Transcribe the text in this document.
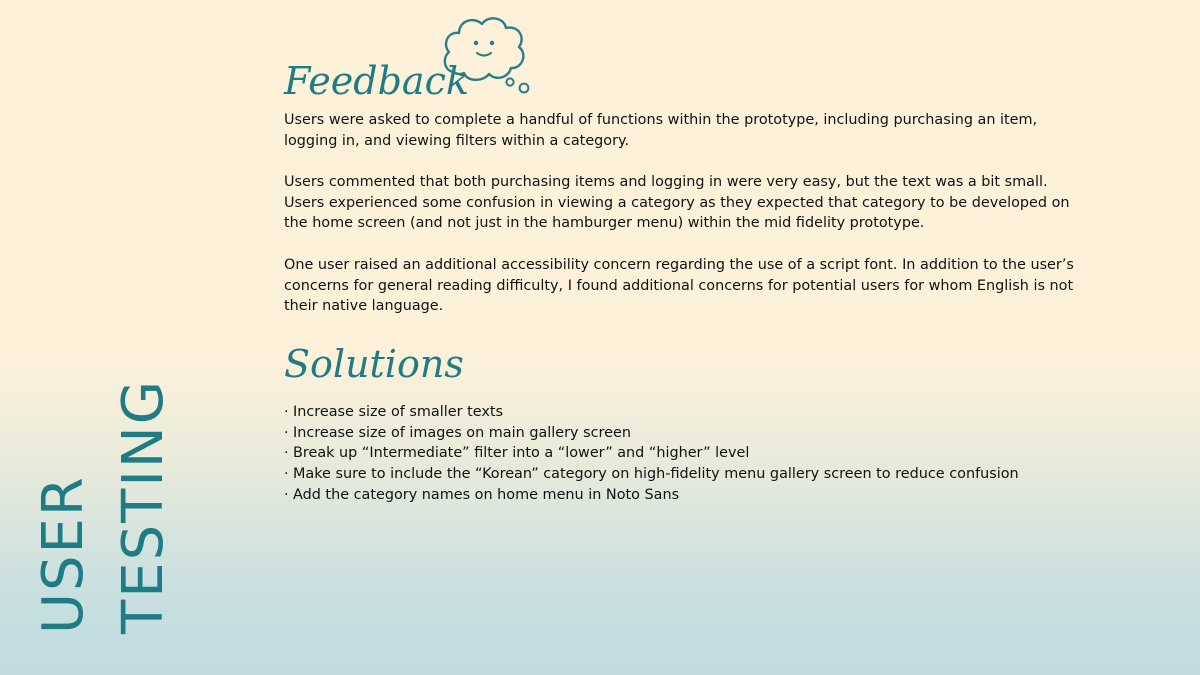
USER TESTING
Feedback

Users were asked to complete a handful of functions within the prototype, including purchasing an item, logging in, and viewing filters within a category.

Users commented that both purchasing items and logging in were very easy, but the text was a bit small. Users experienced some confusion in viewing a category as they expected that category to be developed on the home screen (and not just in the hamburger menu) within the mid fidelity prototype.

One user raised an additional accessibility concern regarding the use of a script font. In addition to the user’s concerns for general reading difficulty, I found additional concerns for potential users for whom English is not their native language.

Solutions
· Increase size of smaller texts
· Increase size of images on main gallery screen
· Break up “Intermediate” filter into a “lower” and “higher” level
· Make sure to include the “Korean” category on high-fidelity menu gallery screen to reduce confusion
· Add the category names on home menu in Noto Sans
